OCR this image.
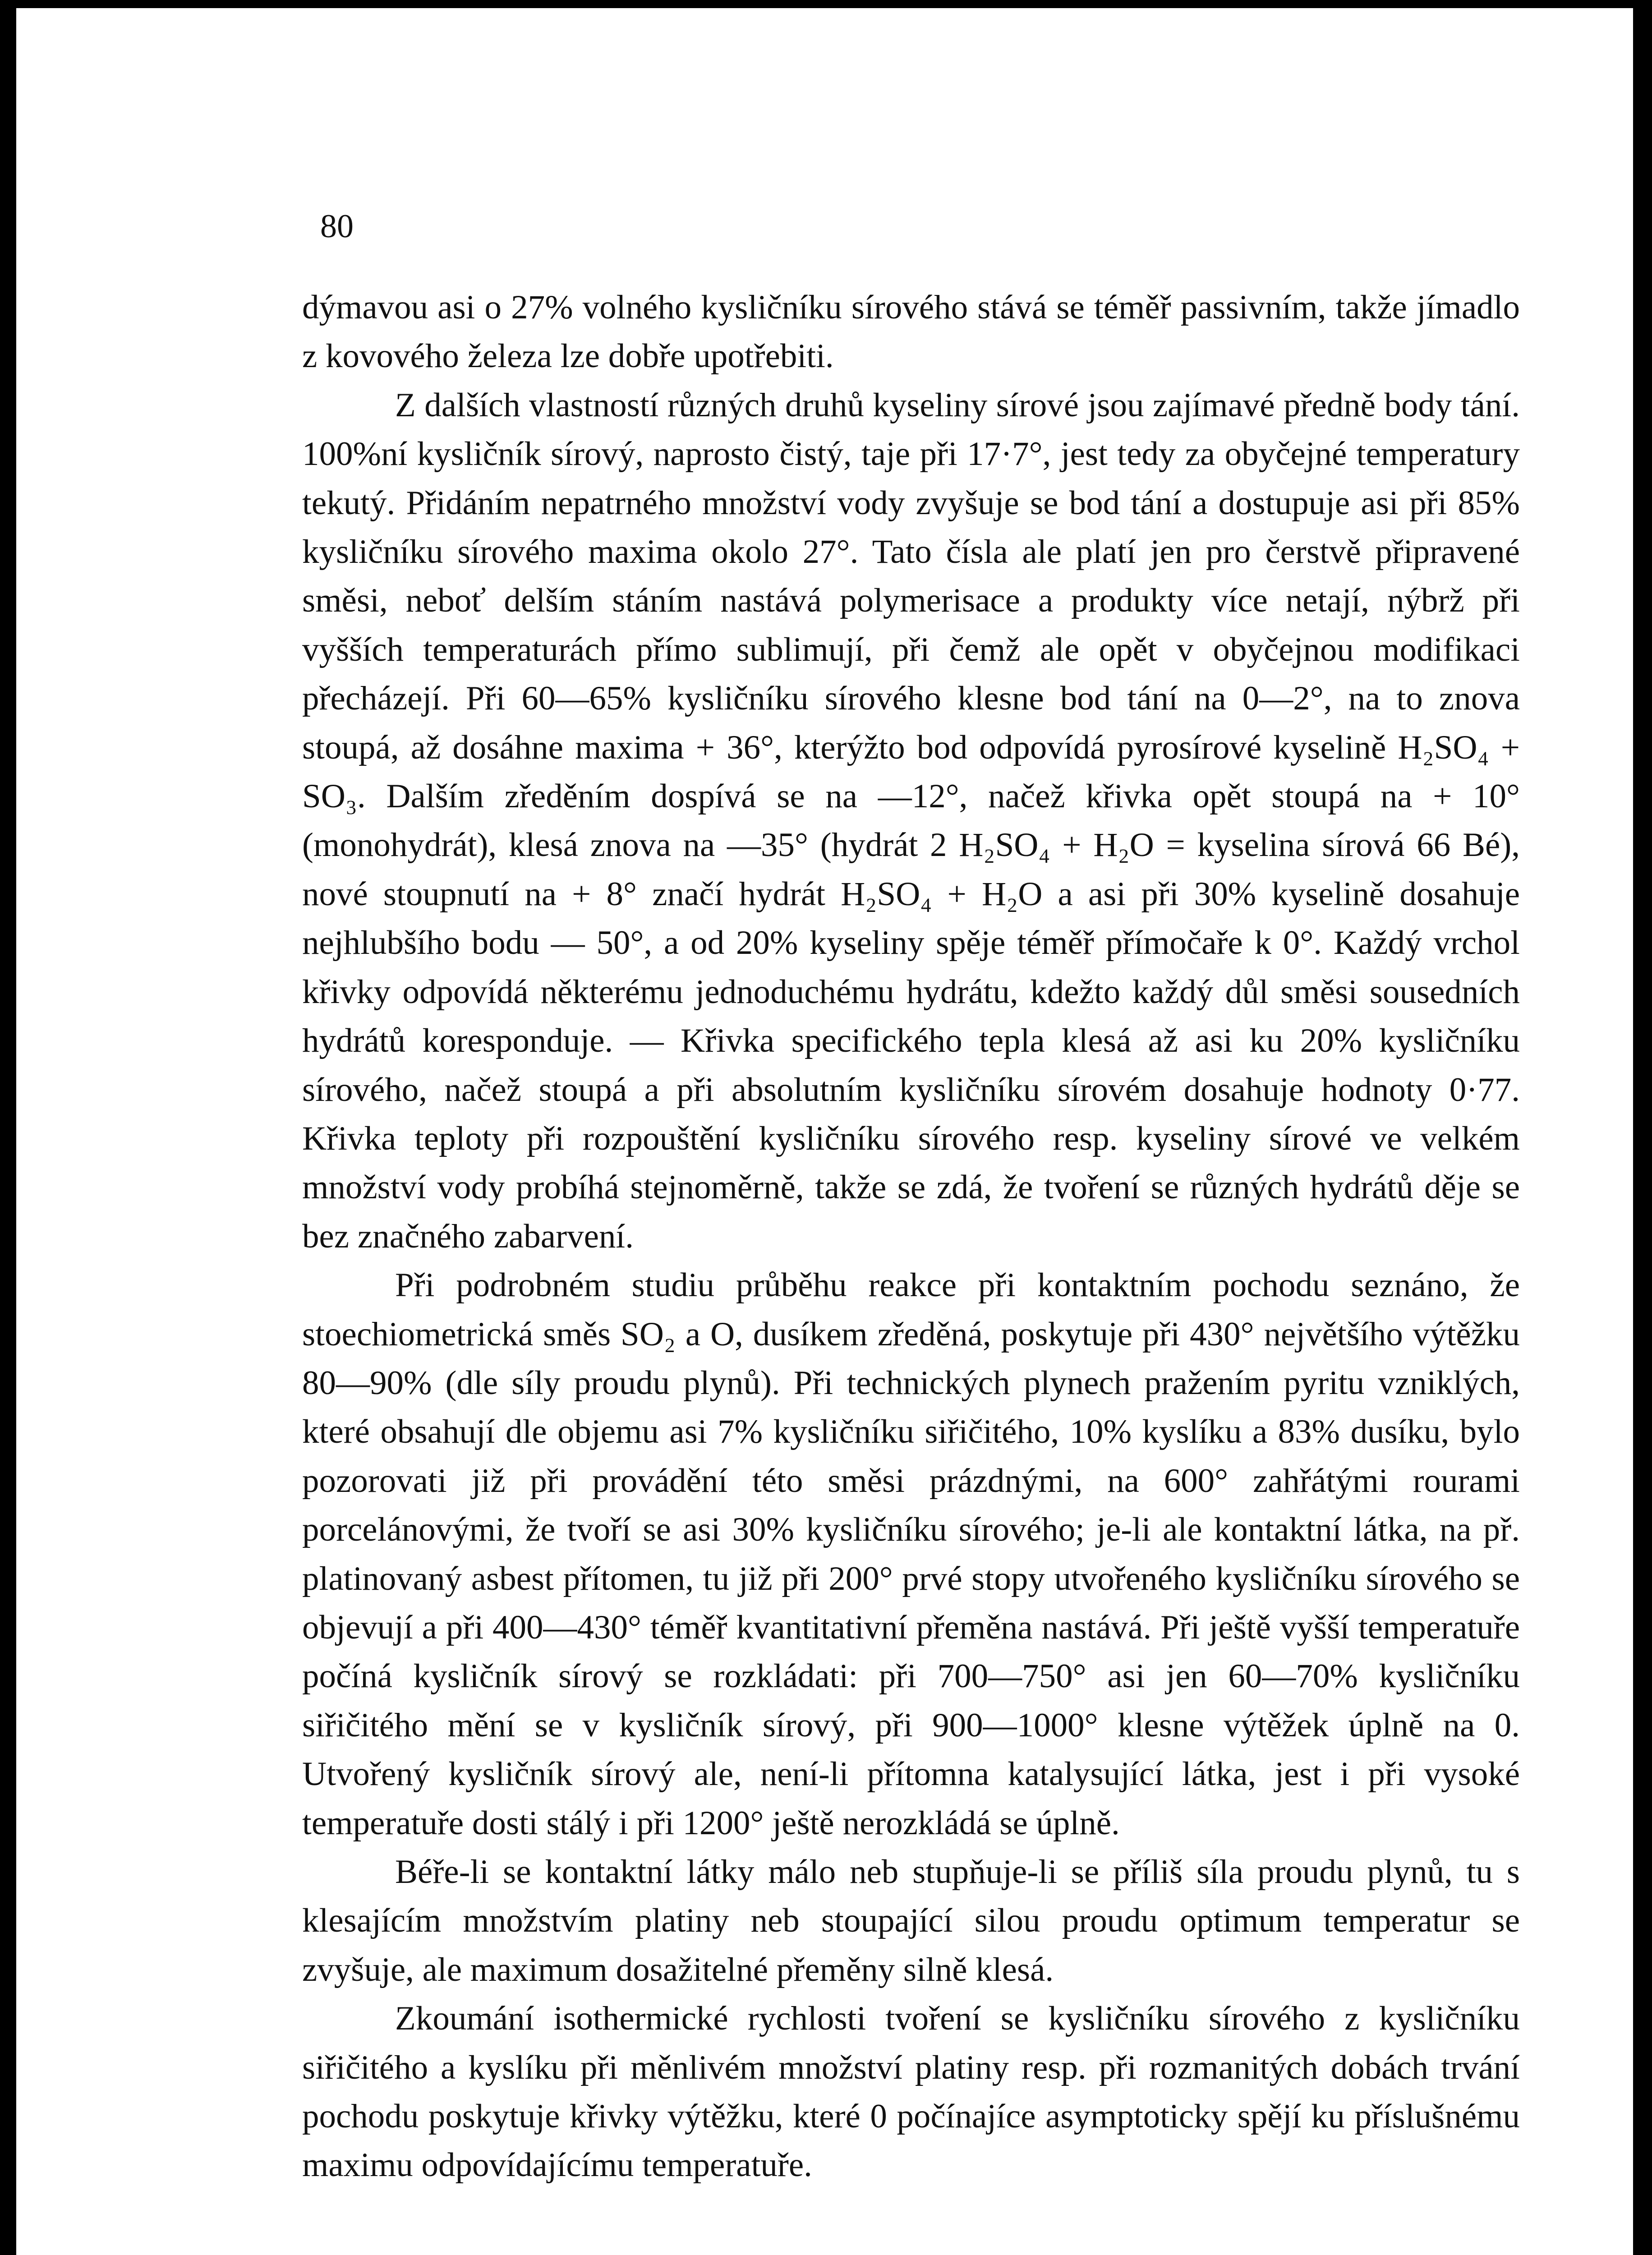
80

dýmavou asi o 27% volného kysličníku sírového stává se téměř passivním, takže jímadlo z kovového železa lze dobře upotřebiti.

Z dalších vlastností různých druhů kyseliny sírové jsou zajímavé předně body tání. 100%ní kysličník sírový, naprosto čistý, taje při 17·7°, jest tedy za obyčejné temperatury tekutý. Přidáním nepatrného množství vody zvyšuje se bod tání a dostupuje asi při 85% kysličníku sírového maxima okolo 27°. Tato čísla ale platí jen pro čerstvě připravené směsi, neboť delším stáním nastává polymerisace a produkty více netají, nýbrž při vyšších temperaturách přímo sublimují, při čemž ale opět v obyčejnou modifikaci přecházejí. Při 60—65% kysličníku sírového klesne bod tání na 0—2°, na to znova stoupá, až dosáhne maxima + 36°, kterýžto bod odpovídá pyrosírové kyselině H₂SO₄ + SO₃. Dalším zředěním dospívá se na —12°, načež křivka opět stoupá na + 10° (monohydrát), klesá znova na —35° (hydrát 2 H₂SO₄ + H₂O = kyselina sírová 66 Bé), nové stoupnutí na + 8° značí hydrát H₂SO₄ + H₂O a asi při 30% kyselině dosahuje nejhlubšího bodu — 50°, a od 20% kyseliny spěje téměř přímočaře k 0°. Každý vrchol křivky odpovídá některému jednoduchému hydrátu, kdežto každý důl směsi sousedních hydrátů koresponduje. — Křivka specifického tepla klesá až asi ku 20% kysličníku sírového, načež stoupá a při absolutním kysličníku sírovém dosahuje hodnoty 0·77. Křivka teploty při rozpouštění kysličníku sírového resp. kyseliny sírové ve velkém množství vody probíhá stejnoměrně, takže se zdá, že tvoření se různých hydrátů děje se bez značného zabarvení.

Při podrobném studiu průběhu reakce při kontaktním pochodu seznáno, že stoechiometrická směs SO₂ a O, dusíkem zředěná, poskytuje při 430° největšího výtěžku 80—90% (dle síly proudu plynů). Při technických plynech pražením pyritu vzniklých, které obsahují dle objemu asi 7% kysličníku siřičitého, 10% kyslíku a 83% dusíku, bylo pozorovati již při provádění této směsi prázdnými, na 600° zahřátými rourami porcelánovými, že tvoří se asi 30% kysličníku sírového; je-li ale kontaktní látka, na př. platinovaný asbest přítomen, tu již při 200° prvé stopy utvořeného kysličníku sírového se objevují a při 400—430° téměř kvantitativní přeměna nastává. Při ještě vyšší temperatuře počíná kysličník sírový se rozkládati: při 700—750° asi jen 60—70% kysličníku siřičitého mění se v kysličník sírový, při 900—1000° klesne výtěžek úplně na 0. Utvořený kysličník sírový ale, není-li přítomna katalysující látka, jest i při vysoké temperatuře dosti stálý i při 1200° ještě nerozkládá se úplně.

Béře-li se kontaktní látky málo neb stupňuje-li se příliš síla proudu plynů, tu s klesajícím množstvím platiny neb stoupající silou proudu optimum temperatur se zvyšuje, ale maximum dosažitelné přeměny silně klesá.

Zkoumání isothermické rychlosti tvoření se kysličníku sírového z kysličníku siřičitého a kyslíku při měnlivém množství platiny resp. při rozmanitých dobách trvání pochodu poskytuje křivky výtěžku, které 0 počínajíce asymptoticky spějí ku příslušnému maximu odpovídajícímu temperatuře.
